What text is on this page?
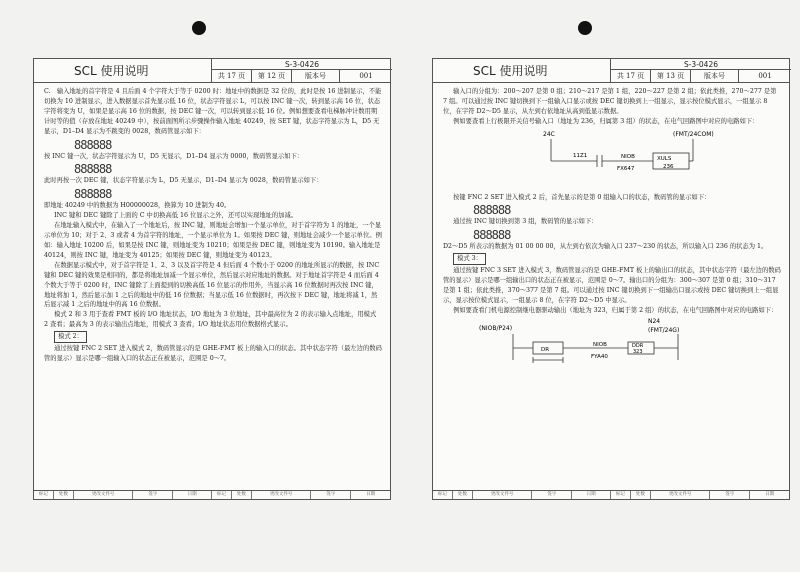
SCL 使用说明	S-3-0426
共 17 页	第 12 页	版本号	001

C.　输入地址的首字符是 4 且后面 4 个字符大于等于 0200 时：地址中的数据是 32 位的，此时是按 16 进制显示，不能切换为 10 进制显示，进入数据显示首先显示低 16 位，状态字符显示 L，可以按 INC 键一次，转到显示高 16 位，状态字符将变为 U，如果是显示高 16 位的数据，按 DEC 键一次，可以转到显示低 16 位。例如想要查看电梯脉冲计数用期计时等的值（存放在地址 40249 中），按前面图所示步骤操作输入地址 40249，按 SET 键，状态字符显示为 L，D5 无显示，D1–D4 显示为不跳变的 0028，数码管显示如下：

888888

按 INC 键一次，状态字符显示为 U，D5 无显示，D1–D4 显示为 0000，数码管显示如下：

888888

此时再按一次 DEC 键，状态字符显示为 L，D5 无显示，D1–D4 显示为 0028，数码管显示如下：

888888

即地址 40249 中的数据为 H00000028，换算为 10 进制为 40。

INC 键和 DEC 键除了上面的 C 中切换高低 16 位显示之外，还可以实现地址的加减。

在地址输入模式中，在输入了一个地址后，按 INC 键，则地址会增加一个显示单位，对于首字符为 1 的地址，一个显示单位为 10；对于 2、3 或者 4 为首字符的地址，一个显示单位为 1。如果按 DEC 键，则地址会减少一个显示单位。例如：输入地址 10200 后，如果是按 INC 键，则地址变为 10210；如果是按 DEC 键，则地址变为 10190。输入地址是 40124，则按 INC 键，地址变为 40125；如果按 DEC 键，则地址变为 40123。

在数据显示模式中，对于首字符是 1、2、3 以及首字符是 4 但后面 4 个数小于 0200 的地址所显示的数据，按 INC 键和 DEC 键的效果是相同的，都是将地址加减一个显示单位，然后显示对应地址的数据。对于地址首字符是 4 而后面 4 个数大于等于 0200 时，INC 键除了上面提到的切换高低 16 位显示的作用外，当显示高 16 位数据时再次按 INC 键，地址将加 1，然后显示加 1 之后的地址中的低 16 位数据；当显示低 16 位数据时，再次按下 DEC 键，地址将减 1，然后显示减 1 之后的地址中的高 16 位数据。

模式 2 和 3 用于查看 FMT 板的 I/O 地址状态，I/O 地址为 3 位地址，其中最高位为 2 的表示输入点地址，用模式 2 查看；最高为 3 的表示输出点地址，用模式 3 查看，I/O 地址状态用位数据格式显示。

模式 2：

通过按键 FNC 2 SET 进入模式 2，数码管显示的是 GHE-FMT 板上的输入口的状态。其中状态字符（最左边的数码管的显示）显示是哪一组输入口的状态正在被显示，范围是 0～7。

标记	处数	更改文件号	签字	日期	标记	处数	更改文件号	签字	日期
SCL 使用说明	S-3-0426
共 17 页	第 13 页	版本号	001

输入口的分组为：200～207 是第 0 组；210～217 是第 1 组，220～227 是第 2 组；依此类推，270～277 是第 7 组。可以通过按 INC 键切换到下一组输入口显示或按 DEC 键切换到上一组显示，显示按位模式显示，一组显示 8 位，在字符 D2～D5 显示，从左到右依地址从高到低显示数据。

例如要查看上行极限开关信号输入口（地址为 236，归属第 3 组）的状态，在电气回路图中对应的电路如下：

24C	(FMT/24COM)
11Z1	NIOB
FX647
XULS
236

按键 FNC 2 SET 进入模式 2 后，首先显示的是第 0 组输入口的状态，数码管的显示如下：

888888

通过按 INC 键切换到第 3 组，数码管的显示如下：

888888

D2～D5 所表示的数据为 01 00 00 00，从左到右依次为输入口 237～230 的状态，所以输入口 236 的状态为 1。

模式 3：

通过按键 FNC 3 SET 进入模式 3，数码管显示的是 GHE-FMT 板上的输出口的状态，其中状态字符（最左边的数码管的显示）显示是哪一组输出口的状态正在被显示，范围是 0～7。输出口的分组为：300～307 是第 0 组；310～317 是第 1 组；依此类推，370～377 是第 7 组。可以通过按 INC 键切换到下一组输出口显示或按 DEC 键切换到上一组显示，显示按位模式显示，一组显示 8 位，在字符 D2～D5 中显示。

例如要查看门机电源控制继电器驱动输出（地址为 323，归属于第 2 组）的状态，在电气回路图中对应的电路如下：

N24
(NIOB/P24)	(FMT/24G)
DR
NIOB
FYA40
DDR
323
标记	处数	更改文件号	签字	日期	标记	处数	更改文件号	签字	日期
